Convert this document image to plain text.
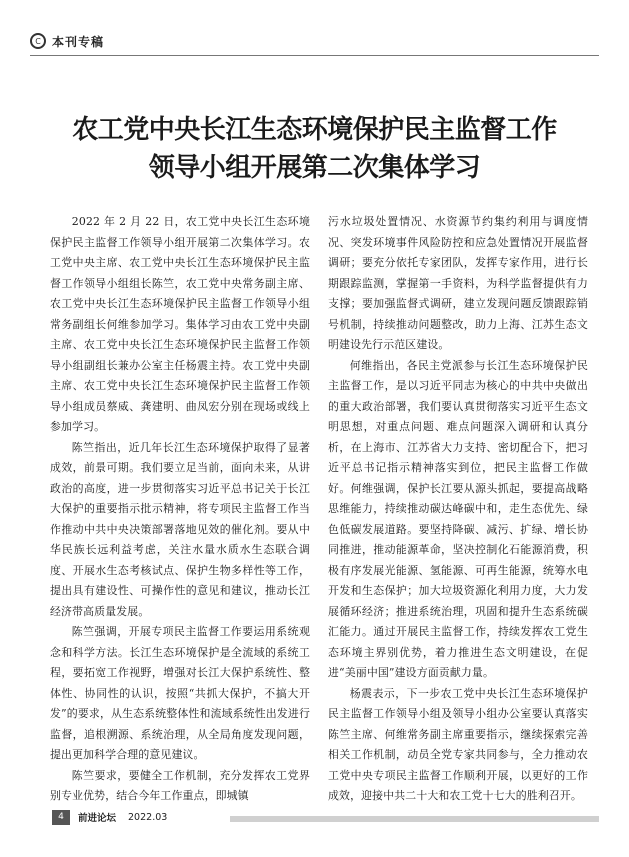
C 本刊专稿
农工党中央长江生态环境保护民主监督工作
领导小组开展第二次集体学习

2022 年 2 月 22 日，农工党中央长江生态环境保护民主监督工作领导小组开展第二次集体学习。农工党中央主席、农工党中央长江生态环境保护民主监督工作领导小组组长陈竺，农工党中央常务副主席、农工党中央长江生态环境保护民主监督工作领导小组常务副组长何维参加学习。集体学习由农工党中央副主席、农工党中央长江生态环境保护民主监督工作领导小组副组长兼办公室主任杨震主持。农工党中央副主席、农工党中央长江生态环境保护民主监督工作领导小组成员蔡威、龚建明、曲凤宏分别在现场或线上参加学习。

陈竺指出，近几年长江生态环境保护取得了显著成效，前景可期。我们要立足当前，面向未来，从讲政治的高度，进一步贯彻落实习近平总书记关于长江大保护的重要指示批示精神，将专项民主监督工作当作推动中共中央决策部署落地见效的催化剂。要从中华民族长远利益考虑，关注水量水质水生态联合调度、开展水生态考核试点、保护生物多样性等工作，提出具有建设性、可操作性的意见和建议，推动长江经济带高质量发展。

陈竺强调，开展专项民主监督工作要运用系统观念和科学方法。长江生态环境保护是全流域的系统工程，要拓宽工作视野，增强对长江大保护系统性、整体性、协同性的认识，按照“共抓大保护，不搞大开发”的要求，从生态系统整体性和流域系统性出发进行监督，追根溯源、系统治理，从全局角度发现问题，提出更加科学合理的意见建议。

陈竺要求，要健全工作机制，充分发挥农工党界别专业优势，结合今年工作重点，即城镇

污水垃圾处置情况、水资源节约集约利用与调度情况、突发环境事件风险防控和应急处置情况开展监督调研；要充分依托专家团队，发挥专家作用，进行长期跟踪监测，掌握第一手资料，为科学监督提供有力支撑；要加强监督式调研，建立发现问题反馈跟踪销号机制，持续推动问题整改，助力上海、江苏生态文明建设先行示范区建设。

何维指出，各民主党派参与长江生态环境保护民主监督工作，是以习近平同志为核心的中共中央做出的重大政治部署，我们要认真贯彻落实习近平生态文明思想，对重点问题、难点问题深入调研和认真分析，在上海市、江苏省大力支持、密切配合下，把习近平总书记指示精神落实到位，把民主监督工作做好。何维强调，保护长江要从源头抓起，要提高战略思维能力，持续推动碳达峰碳中和，走生态优先、绿色低碳发展道路。要坚持降碳、减污、扩绿、增长协同推进，推动能源革命，坚决控制化石能源消费，积极有序发展光能源、氢能源、可再生能源，统筹水电开发和生态保护；加大垃圾资源化利用力度，大力发展循环经济；推进系统治理，巩固和提升生态系统碳汇能力。通过开展民主监督工作，持续发挥农工党生态环境主界别优势，着力推进生态文明建设，在促进“美丽中国”建设方面贡献力量。

杨震表示，下一步农工党中央长江生态环境保护民主监督工作领导小组及领导小组办公室要认真落实陈竺主席、何维常务副主席重要指示，继续探索完善相关工作机制，动员全党专家共同参与，全力推动农工党中央专项民主监督工作顺利开展，以更好的工作成效，迎接中共二十大和农工党十七大的胜利召开。

4	前进论坛 2022.03
